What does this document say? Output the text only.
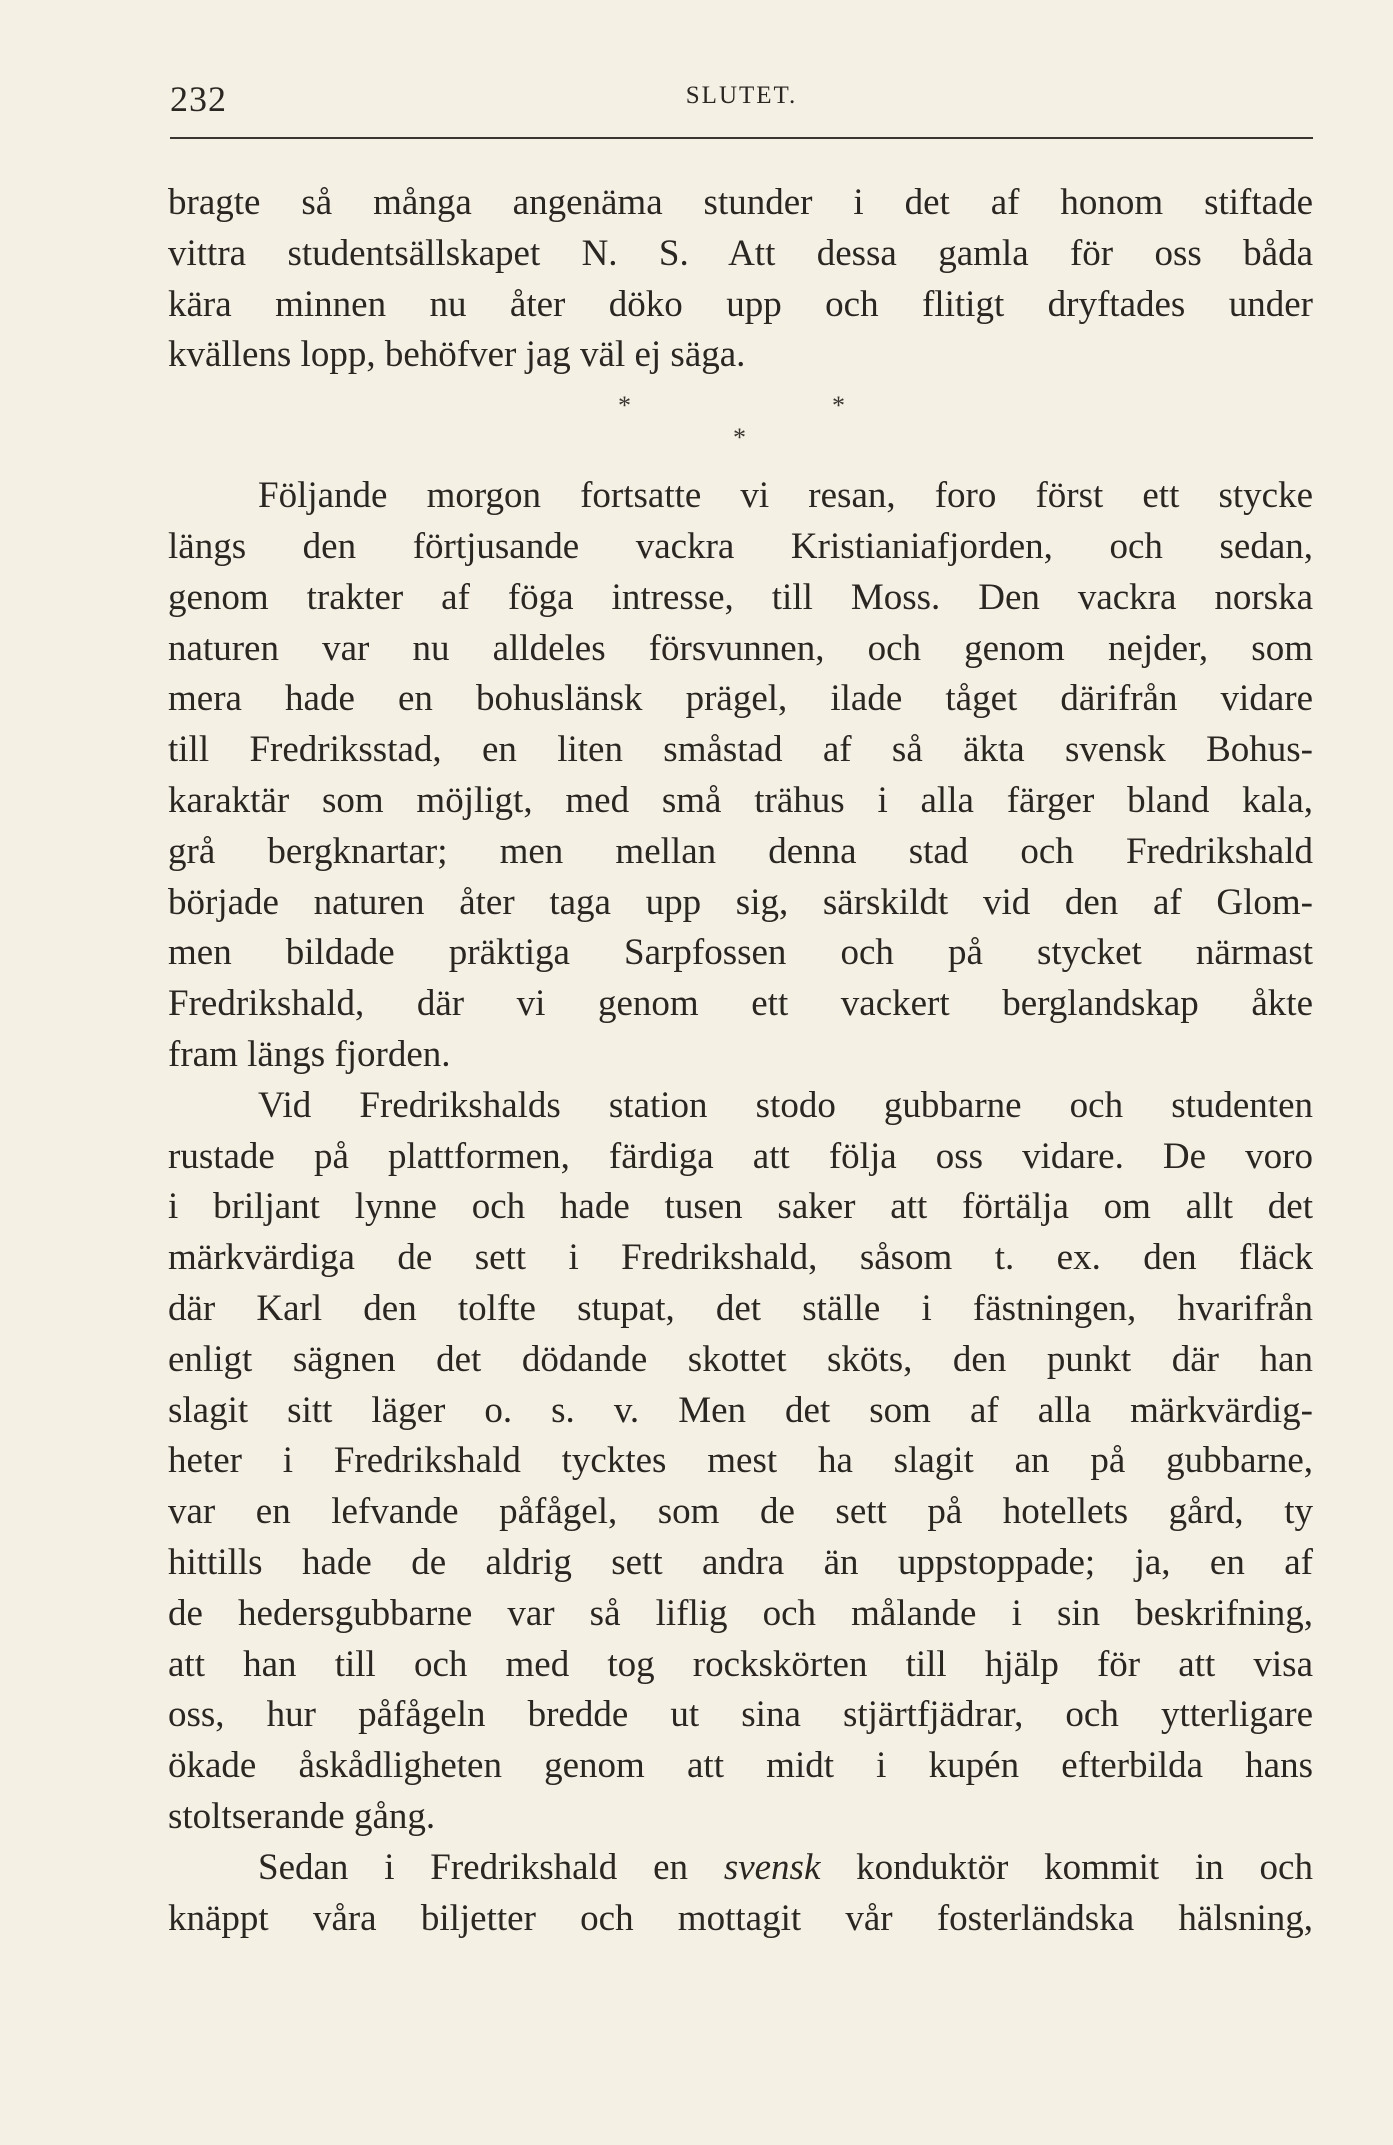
232	SLUTET.
bragte så många angenäma stunder i det af honom stiftade
vittra studentsällskapet N. S. Att dessa gamla för oss båda
kära minnen nu åter döko upp och flitigt dryftades under
kvällens lopp, behöfver jag väl ej säga.
*	*
*
Följande morgon fortsatte vi resan, foro först ett stycke
längs den förtjusande vackra Kristianiafjorden, och sedan,
genom trakter af föga intresse, till Moss. Den vackra norska
naturen var nu alldeles försvunnen, och genom nejder, som
mera hade en bohuslänsk prägel, ilade tåget därifrån vidare
till Fredriksstad, en liten småstad af så äkta svensk Bohus-
karaktär som möjligt, med små trähus i alla färger bland kala,
grå bergknartar; men mellan denna stad och Fredrikshald
började naturen åter taga upp sig, särskildt vid den af Glom-
men bildade präktiga Sarpfossen och på stycket närmast
Fredrikshald, där vi genom ett vackert berglandskap åkte
fram längs fjorden.
Vid Fredrikshalds station stodo gubbarne och studenten
rustade på plattformen, färdiga att följa oss vidare. De voro
i briljant lynne och hade tusen saker att förtälja om allt det
märkvärdiga de sett i Fredrikshald, såsom t. ex. den fläck
där Karl den tolfte stupat, det ställe i fästningen, hvarifrån
enligt sägnen det dödande skottet sköts, den punkt där han
slagit sitt läger o. s. v. Men det som af alla märkvärdig-
heter i Fredrikshald tycktes mest ha slagit an på gubbarne,
var en lefvande påfågel, som de sett på hotellets gård, ty
hittills hade de aldrig sett andra än uppstoppade; ja, en af
de hedersgubbarne var så liflig och målande i sin beskrifning,
att han till och med tog rockskörten till hjälp för att visa
oss, hur påfågeln bredde ut sina stjärtfjädrar, och ytterligare
ökade åskådligheten genom att midt i kupén efterbilda hans
stoltserande gång.
Sedan i Fredrikshald en svensk konduktör kommit in och
knäppt våra biljetter och mottagit vår fosterländska hälsning,
